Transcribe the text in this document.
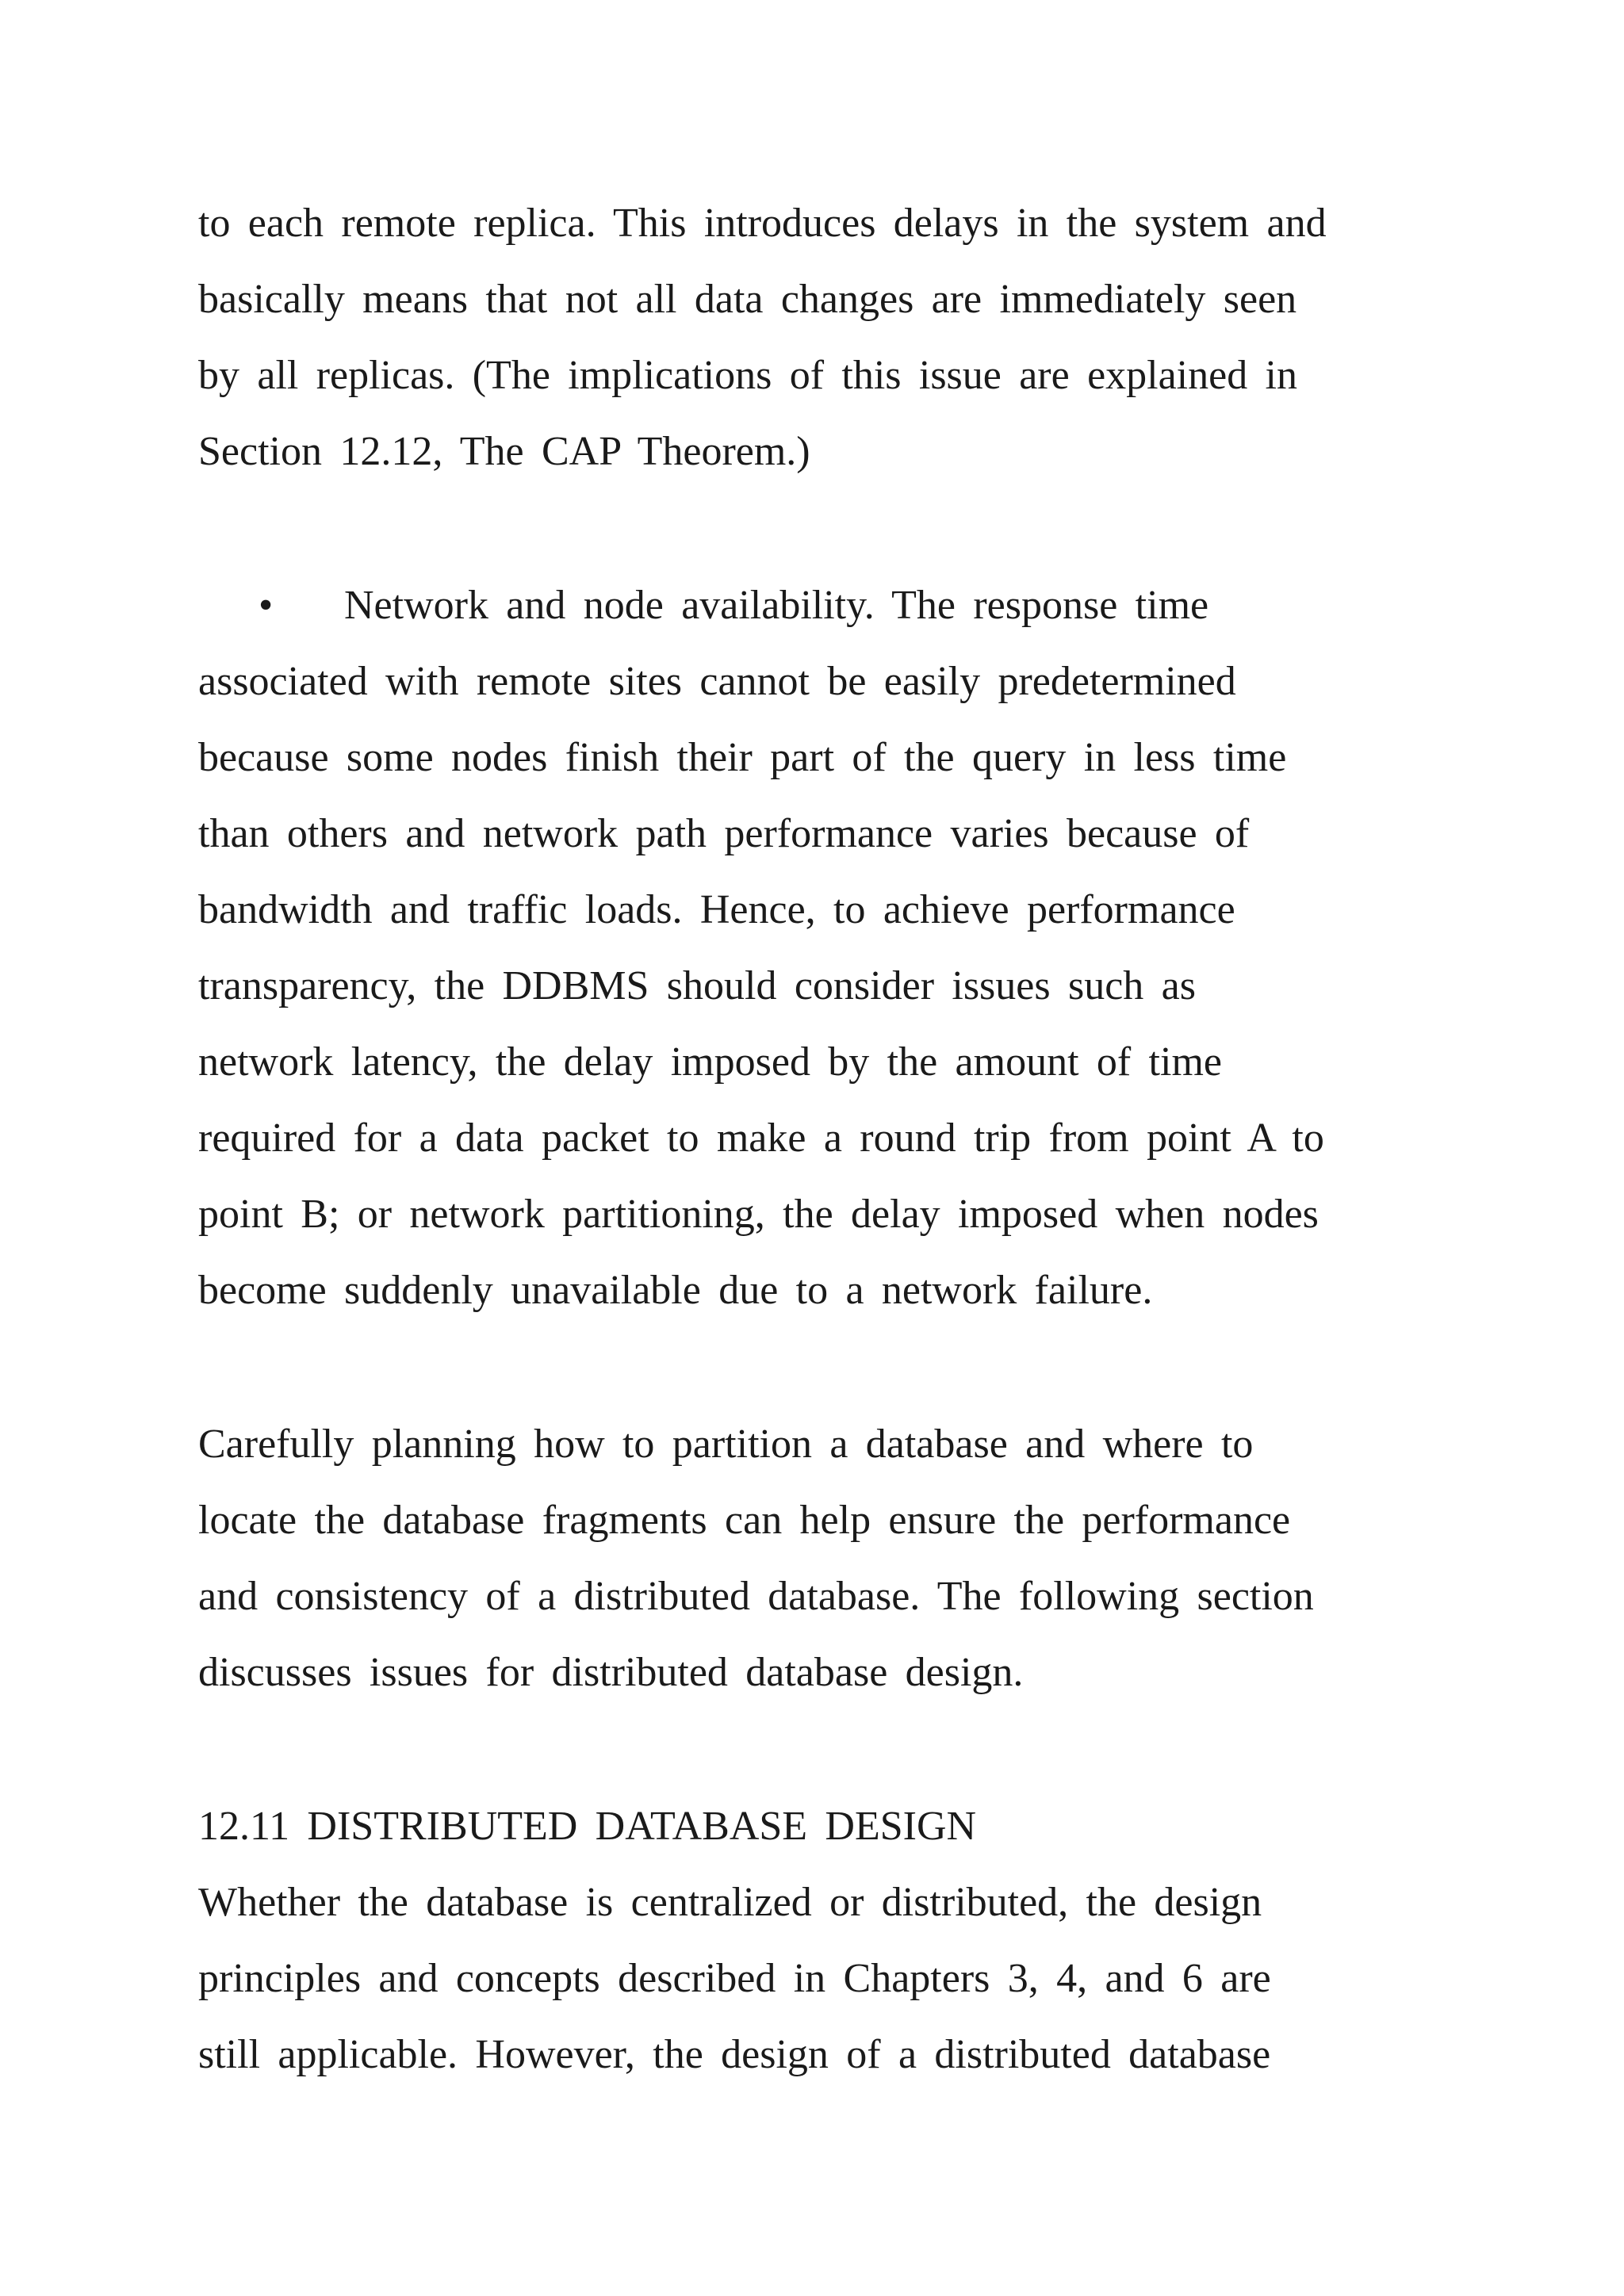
to each remote replica. This introduces delays in the system and
basically means that not all data changes are immediately seen
by all replicas. (The implications of this issue are explained in
Section 12.12, The CAP Theorem.)
• Network and node availability. The response time
associated with remote sites cannot be easily predetermined
because some nodes finish their part of the query in less time
than others and network path performance varies because of
bandwidth and traffic loads. Hence, to achieve performance
transparency, the DDBMS should consider issues such as
network latency, the delay imposed by the amount of time
required for a data packet to make a round trip from point A to
point B; or network partitioning, the delay imposed when nodes
become suddenly unavailable due to a network failure.
Carefully planning how to partition a database and where to
locate the database fragments can help ensure the performance
and consistency of a distributed database. The following section
discusses issues for distributed database design.
12.11 DISTRIBUTED DATABASE DESIGN
Whether the database is centralized or distributed, the design
principles and concepts described in Chapters 3, 4, and 6 are
still applicable. However, the design of a distributed database
